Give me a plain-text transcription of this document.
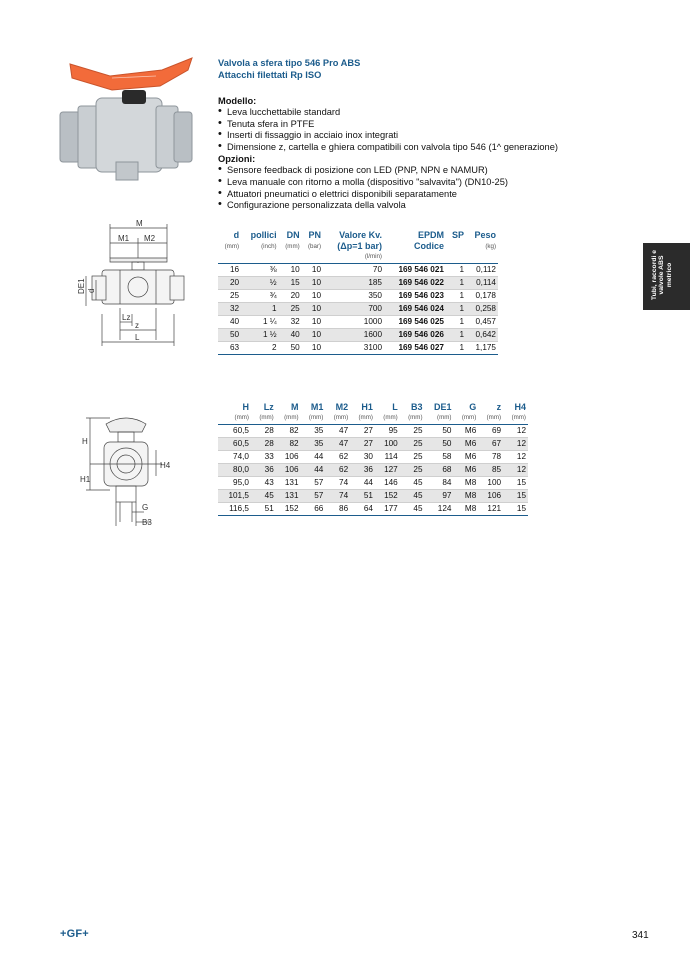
Valvola a sfera tipo 546 Pro ABS
Attacchi filettati Rp ISO
Modello:
• Leva lucchettabile standard
• Tenuta sfera in PTFE
• Inserti di fissaggio in acciaio inox integrati
• Dimensione z, cartella e ghiera compatibili con valvola tipo 546 (1^ generazione)
Opzioni:
• Sensore feedback di posizione con LED (PNP, NPN e NAMUR)
• Leva manuale con ritorno a molla (dispositivo "salvavita") (DN10-25)
• Attuatori pneumatici o elettrici disponibili separatamente
• Configurazione personalizzata della valvola
M
M1 M2
DE1 d
Lz
z
L
H
H1
H4
G
B3
d	pollici	DN	PN	Valore Kv.	EPDM	SP	Peso
(mm)	(inch)	(mm)	(bar)	(Δp=1 bar)	Codice		(kg)
				(l/min)			
16	⅜	10	10	70	169 546 021	1	0,112
20	½	15	10	185	169 546 022	1	0,114
25	¾	20	10	350	169 546 023	1	0,178
32	1	25	10	700	169 546 024	1	0,258
40	1 ¼	32	10	1000	169 546 025	1	0,457
50	1 ½	40	10	1600	169 546 026	1	0,642
63	2	50	10	3100	169 546 027	1	1,175
H	Lz	M	M1	M2	H1	L	B3	DE1	G	z	H4
(mm)	(mm)	(mm)	(mm)	(mm)	(mm)	(mm)	(mm)	(mm)	(mm)	(mm)	(mm)
60,5	28	82	35	47	27	95	25	50	M6	69	12
60,5	28	82	35	47	27	100	25	50	M6	67	12
74,0	33	106	44	62	30	114	25	58	M6	78	12
80,0	36	106	44	62	36	127	25	68	M6	85	12
95,0	43	131	57	74	44	146	45	84	M8	100	15
101,5	45	131	57	74	51	152	45	97	M8	106	15
116,5	51	152	66	86	64	177	45	124	M8	121	15
Tubi, raccordi e valvole ABS metrico
+GF+	341
